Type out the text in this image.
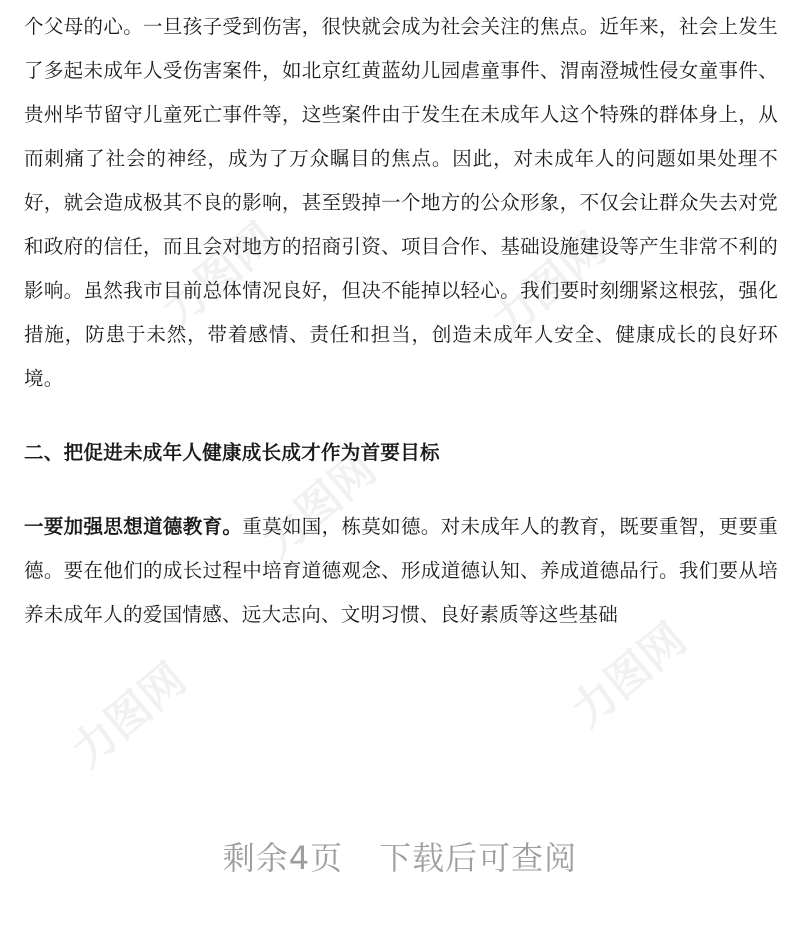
力图网	力图网
力图网
力图网
力图网

个父母的心。一旦孩子受到伤害，很快就会成为社会关注的焦点。近年来，社会上发生了多起未成年人受伤害案件，如北京红黄蓝幼儿园虐童事件、渭南澄城性侵女童事件、贵州毕节留守儿童死亡事件等，这些案件由于发生在未成年人这个特殊的群体身上，从而刺痛了社会的神经，成为了万众瞩目的焦点。因此，对未成年人的问题如果处理不好，就会造成极其不良的影响，甚至毁掉一个地方的公众形象，不仅会让群众失去对党和政府的信任，而且会对地方的招商引资、项目合作、基础设施建设等产生非常不利的影响。虽然我市目前总体情况良好，但决不能掉以轻心。我们要时刻绷紧这根弦，强化措施，防患于未然，带着感情、责任和担当，创造未成年人安全、健康成长的良好环境。

二、把促进未成年人健康成长成才作为首要目标

一要加强思想道德教育。重莫如国，栋莫如德。对未成年人的教育，既要重智，更要重德。要在他们的成长过程中培育道德观念、形成道德认知、养成道德品行。我们要从培养未成年人的爱国情感、远大志向、文明习惯、良好素质等这些基础

剩余4页 下载后可查阅
